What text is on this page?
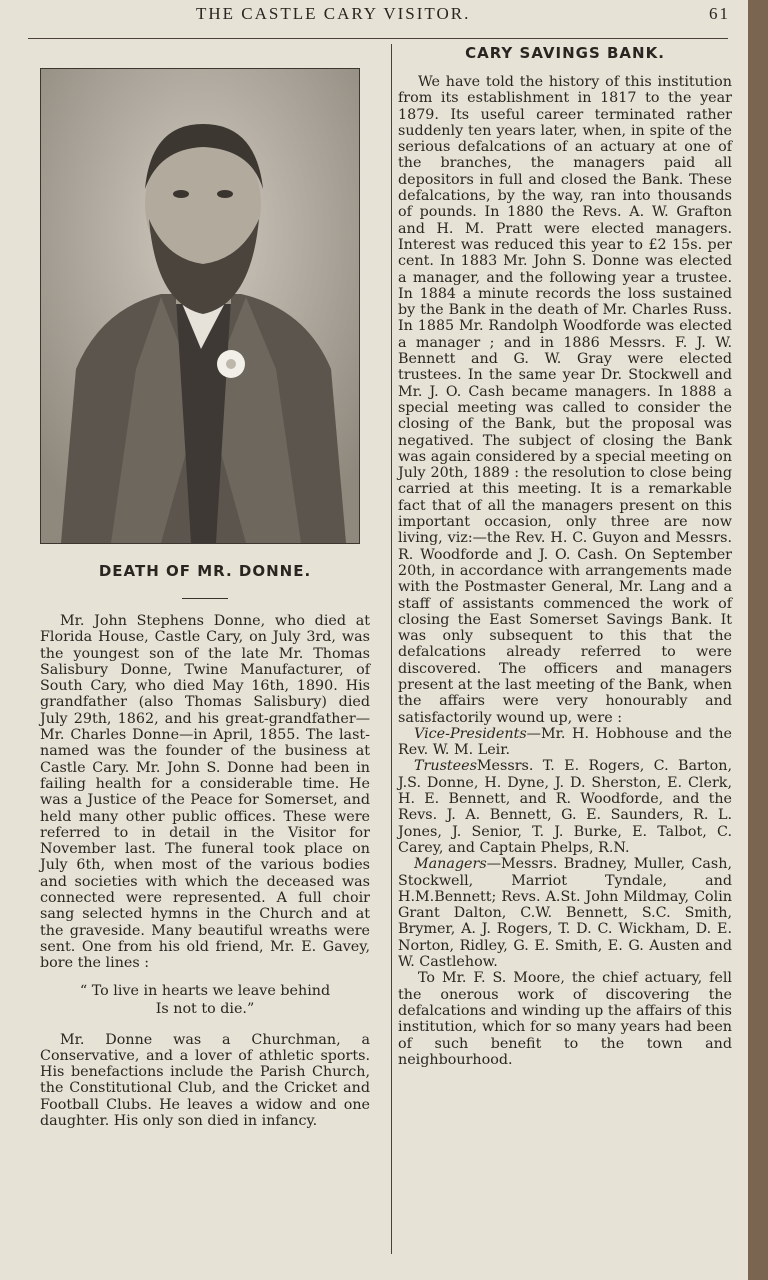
THE CASTLE CARY VISITOR.	61
DEATH OF MR. DONNE.

Mr. John Stephens Donne, who died at Florida House, Castle Cary, on July 3rd, was the youngest son of the late Mr. Thomas Salisbury Donne, Twine Manufacturer, of South Cary, who died May 16th, 1890. His grandfather (also Thomas Salisbury) died July 29th, 1862, and his great-grandfather—Mr. Charles Donne—in April, 1855. The last-named was the founder of the business at Castle Cary. Mr. John S. Donne had been in failing health for a considerable time. He was a Justice of the Peace for Somerset, and held many other public offices. These were referred to in detail in the Visitor for November last. The funeral took place on July 6th, when most of the various bodies and societies with which the deceased was connected were represented. A full choir sang selected hymns in the Church and at the graveside. Many beautiful wreaths were sent. One from his old friend, Mr. E. Gavey, bore the lines :

“ To live in hearts we leave behind
Is not to die.”

Mr. Donne was a Churchman, a Conservative, and a lover of athletic sports. His benefactions include the Parish Church, the Constitutional Club, and the Cricket and Football Clubs. He leaves a widow and one daughter. His only son died in infancy.

CARY SAVINGS BANK.

We have told the history of this institution from its establishment in 1817 to the year 1879. Its useful career terminated rather suddenly ten years later, when, in spite of the serious defalcations of an actuary at one of the branches, the managers paid all depositors in full and closed the Bank. These defalcations, by the way, ran into thousands of pounds. In 1880 the Revs. A. W. Grafton and H. M. Pratt were elected managers. Interest was reduced this year to £2 15s. per cent. In 1883 Mr. John S. Donne was elected a manager, and the following year a trustee. In 1884 a minute records the loss sustained by the Bank in the death of Mr. Charles Russ. In 1885 Mr. Randolph Woodforde was elected a manager ; and in 1886 Messrs. F. J. W. Bennett and G. W. Gray were elected trustees. In the same year Dr. Stockwell and Mr. J. O. Cash became managers. In 1888 a special meeting was called to consider the closing of the Bank, but the proposal was negatived. The subject of closing the Bank was again considered by a special meeting on July 20th, 1889 : the resolution to close being carried at this meeting. It is a remarkable fact that of all the managers present on this important occasion, only three are now living, viz:—the Rev. H. C. Guyon and Messrs. R. Woodforde and J. O. Cash. On September 20th, in accordance with arrangements made with the Postmaster General, Mr. Lang and a staff of assistants commenced the work of closing the East Somerset Savings Bank. It was only subsequent to this that the defalcations already referred to were discovered. The officers and managers present at the last meeting of the Bank, when the affairs were very honourably and satisfactorily wound up, were :

Vice-Presidents—Mr. H. Hobhouse and the Rev. W. M. Leir.

TrusteesMessrs. T. E. Rogers, C. Barton, J.S. Donne, H. Dyne, J. D. Sherston, E. Clerk, H. E. Bennett, and R. Woodforde, and the Revs. J. A. Bennett, G. E. Saunders, R. L. Jones, J. Senior, T. J. Burke, E. Talbot, C. Carey, and Captain Phelps, R.N.

Managers—Messrs. Bradney, Muller, Cash, Stockwell, Marriot Tyndale, and H.M.Bennett; Revs. A.St. John Mildmay, Colin Grant Dalton, C.W. Bennett, S.C. Smith, Brymer, A. J. Rogers, T. D. C. Wickham, D. E. Norton, Ridley, G. E. Smith, E. G. Austen and W. Castlehow.

To Mr. F. S. Moore, the chief actuary, fell the onerous work of discovering the defalcations and winding up the affairs of this institution, which for so many years had been of such benefit to the town and neighbourhood.
